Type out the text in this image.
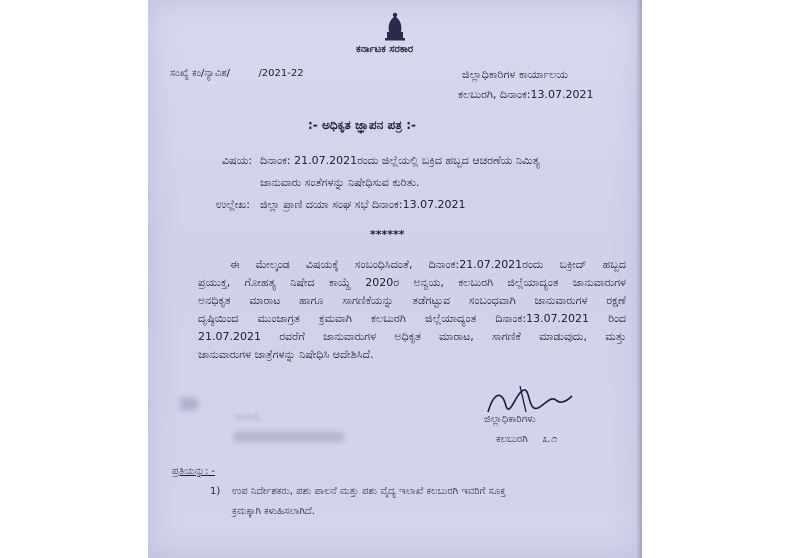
ಕರ್ನಾಟಕ ಸರಕಾರ
ಸಂಖ್ಯೆ ಕಂ/ನ್ಯಾವಿಶ/	/2021-22	ಜಿಲ್ಲಾಧಿಕಾರಿಗಳ ಕಾರ್ಯಾಲಯ
ಕಲಬುರಗಿ, ದಿನಾಂಕ:13.07.2021
:- ಅಧಿಕೃತ ಜ್ಞಾಪನ ಪತ್ರ :-
ವಿಷಯ: ದಿನಾಂಕ: 21.07.2021ರಂದು ಜಿಲ್ಲೆಯಲ್ಲಿ ಬಕ್ರಿದ ಹಬ್ಬದ ಆಚರಣೆಯ ನಿಮಿತ್ಯ
ಜಾನುವಾರು ಸಂತೆಗಳನ್ನು ನಿಷೇಧಿಸುವ ಕುರಿತು.
ಉಲ್ಲೇಖ: ಜಿಲ್ಲಾ ಪ್ರಾಣಿ ದಯಾ ಸಂಘ ಸಭೆ ದಿನಾಂಕ:13.07.2021
******
ಈ ಮೇಲ್ಕಂಡ ವಿಷಯಕ್ಕೆ ಸಂಬಂಧಿಸಿದಂತೆ, ದಿನಾಂಕ:21.07.2021ರಂದು ಬಕ್ರೀದ್ ಹಬ್ಬದ
ಪ್ರಯುಕ್ತ, ಗೋಹತ್ಯ ನಿಷೇದ ಕಾಯ್ದೆ 2020ರ ಅನ್ವಯ, ಕಲಬುರಗಿ ಜಿಲ್ಲೆಯಾದ್ಯಂತ ಜಾನುವಾರುಗಳ
ಅನಧಿಕೃತ ಮಾರಾಟ ಹಾಗೂ ಸಾಗಣಿಕೆಯನ್ನು ತಡೆಗಟ್ಟುವ ಸಂಬಂಧವಾಗಿ ಜಾನುವಾರುಗಳ ರಕ್ಷಣೆ
ದೃಷ್ಠಿಯಿಂದ ಮುಂಜಾಗ್ರತ ಕ್ರಮವಾಗಿ ಕಲಬುರಗಿ ಜಿಲ್ಲೆಯಾದ್ಯಂತ ದಿನಾಂಕ:13.07.2021 ರಿಂದ
21.07.2021 ರವರೆಗೆ ಜಾನುವಾರುಗಳ ಅಧಿಕೃತ ಮಾರಾಟ, ಸಾಗಣಿಕೆ ಮಾಡುವುದು, ಮತ್ತು
ಜಾನುವಾರುಗಳ ಜಾತ್ರೆಗಳನ್ನು ನಿಷೇಧಿಸಿ ಆದೇಶಿಸಿದೆ.
ಜಿಲ್ಲಾಧಿಕಾರಿಗಳು
ಕಲಬುರಗಿ ೩.೧
ಇವರಿಗೆ,
ಪ್ರತಿಯನ್ನು: -
1) ಉಪ ನಿರ್ದೇಶಕರು, ಪಶು ಪಾಲನೆ ಮತ್ತು ಪಶು ವೈದ್ಯ ಇಲಾಖೆ ಕಲಬುರಗಿ ಇವರಿಗೆ ಸೂಕ್ತ
ಕ್ರಮಕ್ಕಾಗಿ ಕಳುಹಿಸಲಾಗಿದೆ.
